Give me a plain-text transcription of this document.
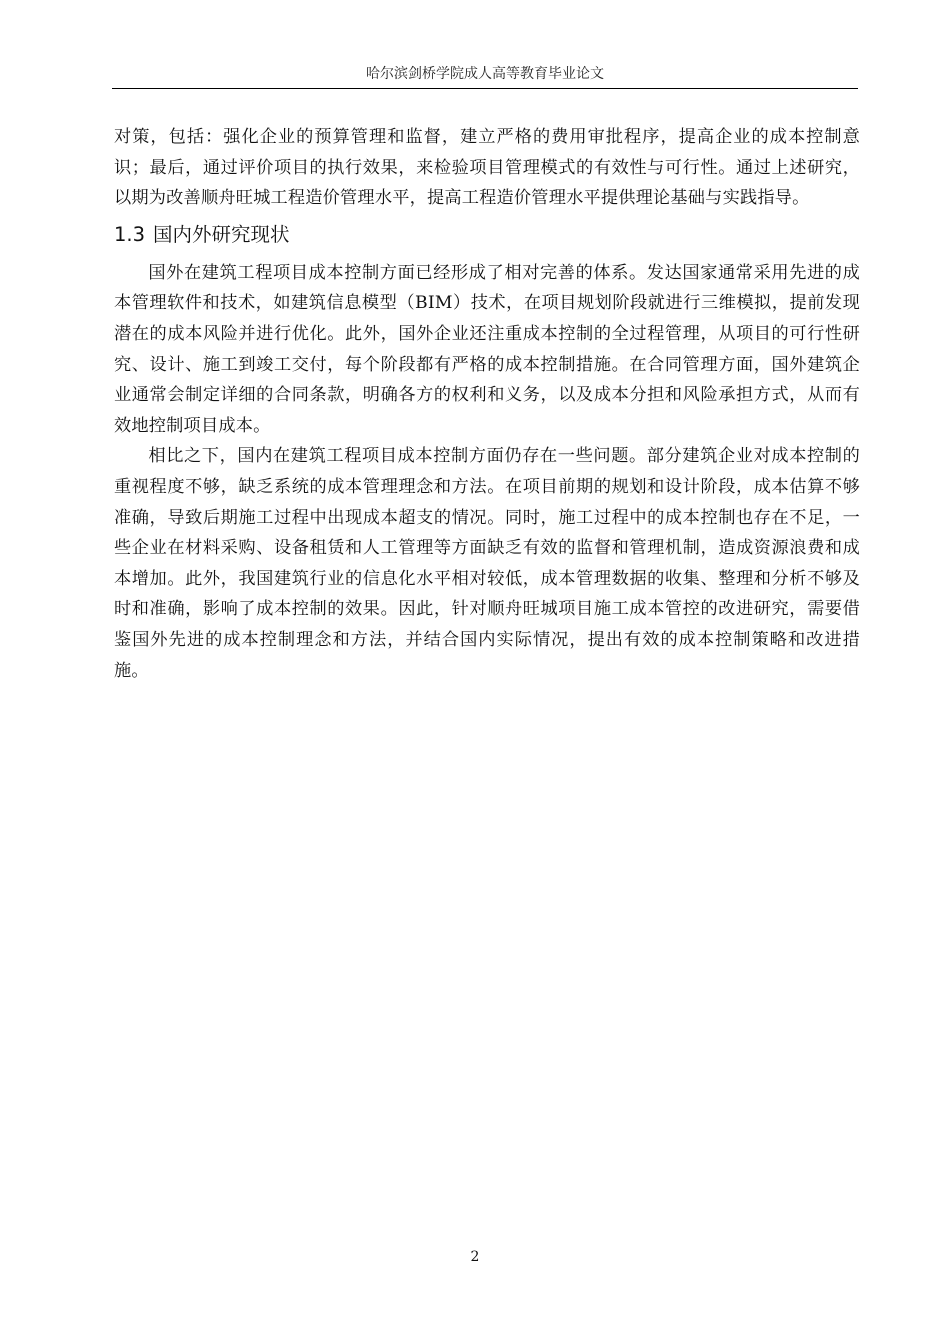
哈尔滨剑桥学院成人高等教育毕业论文

对策，包括：强化企业的预算管理和监督，建立严格的费用审批程序，提高企业的成本控制意识；最后，通过评价项目的执行效果，来检验项目管理模式的有效性与可行性。通过上述研究，以期为改善顺舟旺城工程造价管理水平，提高工程造价管理水平提供理论基础与实践指导。

1.3 国内外研究现状

国外在建筑工程项目成本控制方面已经形成了相对完善的体系。发达国家通常采用先进的成本管理软件和技术，如建筑信息模型（BIM）技术，在项目规划阶段就进行三维模拟，提前发现潜在的成本风险并进行优化。此外，国外企业还注重成本控制的全过程管理，从项目的可行性研究、设计、施工到竣工交付，每个阶段都有严格的成本控制措施。在合同管理方面，国外建筑企业通常会制定详细的合同条款，明确各方的权利和义务，以及成本分担和风险承担方式，从而有效地控制项目成本。

相比之下，国内在建筑工程项目成本控制方面仍存在一些问题。部分建筑企业对成本控制的重视程度不够，缺乏系统的成本管理理念和方法。在项目前期的规划和设计阶段，成本估算不够准确，导致后期施工过程中出现成本超支的情况。同时，施工过程中的成本控制也存在不足，一些企业在材料采购、设备租赁和人工管理等方面缺乏有效的监督和管理机制，造成资源浪费和成本增加。此外，我国建筑行业的信息化水平相对较低，成本管理数据的收集、整理和分析不够及时和准确，影响了成本控制的效果。因此，针对顺舟旺城项目施工成本管控的改进研究，需要借鉴国外先进的成本控制理念和方法，并结合国内实际情况，提出有效的成本控制策略和改进措施。

2
